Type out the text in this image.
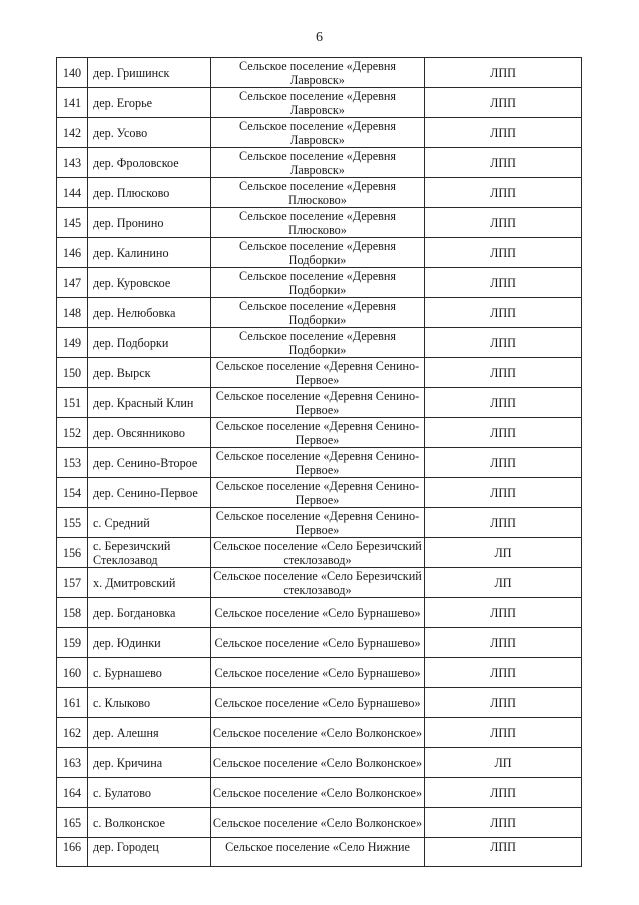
6
140	дер. Гришинск	Сельское поселение «Деревня Лавровск»	ЛПП
141	дер. Егорье	Сельское поселение «Деревня Лавровск»	ЛПП
142	дер. Усово	Сельское поселение «Деревня Лавровск»	ЛПП
143	дер. Фроловское	Сельское поселение «Деревня Лавровск»	ЛПП
144	дер. Плюсково	Сельское поселение «Деревня Плюсково»	ЛПП
145	дер. Пронино	Сельское поселение «Деревня Плюсково»	ЛПП
146	дер. Калинино	Сельское поселение «Деревня Подборки»	ЛПП
147	дер. Куровское	Сельское поселение «Деревня Подборки»	ЛПП
148	дер. Нелюбовка	Сельское поселение «Деревня Подборки»	ЛПП
149	дер. Подборки	Сельское поселение «Деревня Подборки»	ЛПП
150	дер. Вырск	Сельское поселение «Деревня Сенино-Первое»	ЛПП
151	дер. Красный Клин	Сельское поселение «Деревня Сенино-Первое»	ЛПП
152	дер. Овсянниково	Сельское поселение «Деревня Сенино-Первое»	ЛПП
153	дер. Сенино-Второе	Сельское поселение «Деревня Сенино-Первое»	ЛПП
154	дер. Сенино-Первое	Сельское поселение «Деревня Сенино-Первое»	ЛПП
155	с. Средний	Сельское поселение «Деревня Сенино-Первое»	ЛПП
156	с. Березичский Стеклозавод	Сельское поселение «Село Березичский стеклозавод»	ЛП
157	х. Дмитровский	Сельское поселение «Село Березичский стеклозавод»	ЛП
158	дер. Богдановка	Сельское поселение «Село Бурнашево»	ЛПП
159	дер. Юдинки	Сельское поселение «Село Бурнашево»	ЛПП
160	с. Бурнашево	Сельское поселение «Село Бурнашево»	ЛПП
161	с. Клыково	Сельское поселение «Село Бурнашево»	ЛПП
162	дер. Алешня	Сельское поселение «Село Волконское»	ЛПП
163	дер. Кричина	Сельское поселение «Село Волконское»	ЛП
164	с. Булатово	Сельское поселение «Село Волконское»	ЛПП
165	с. Волконское	Сельское поселение «Село Волконское»	ЛПП
166	дер. Городец	Сельское поселение «Село Нижние	ЛПП
